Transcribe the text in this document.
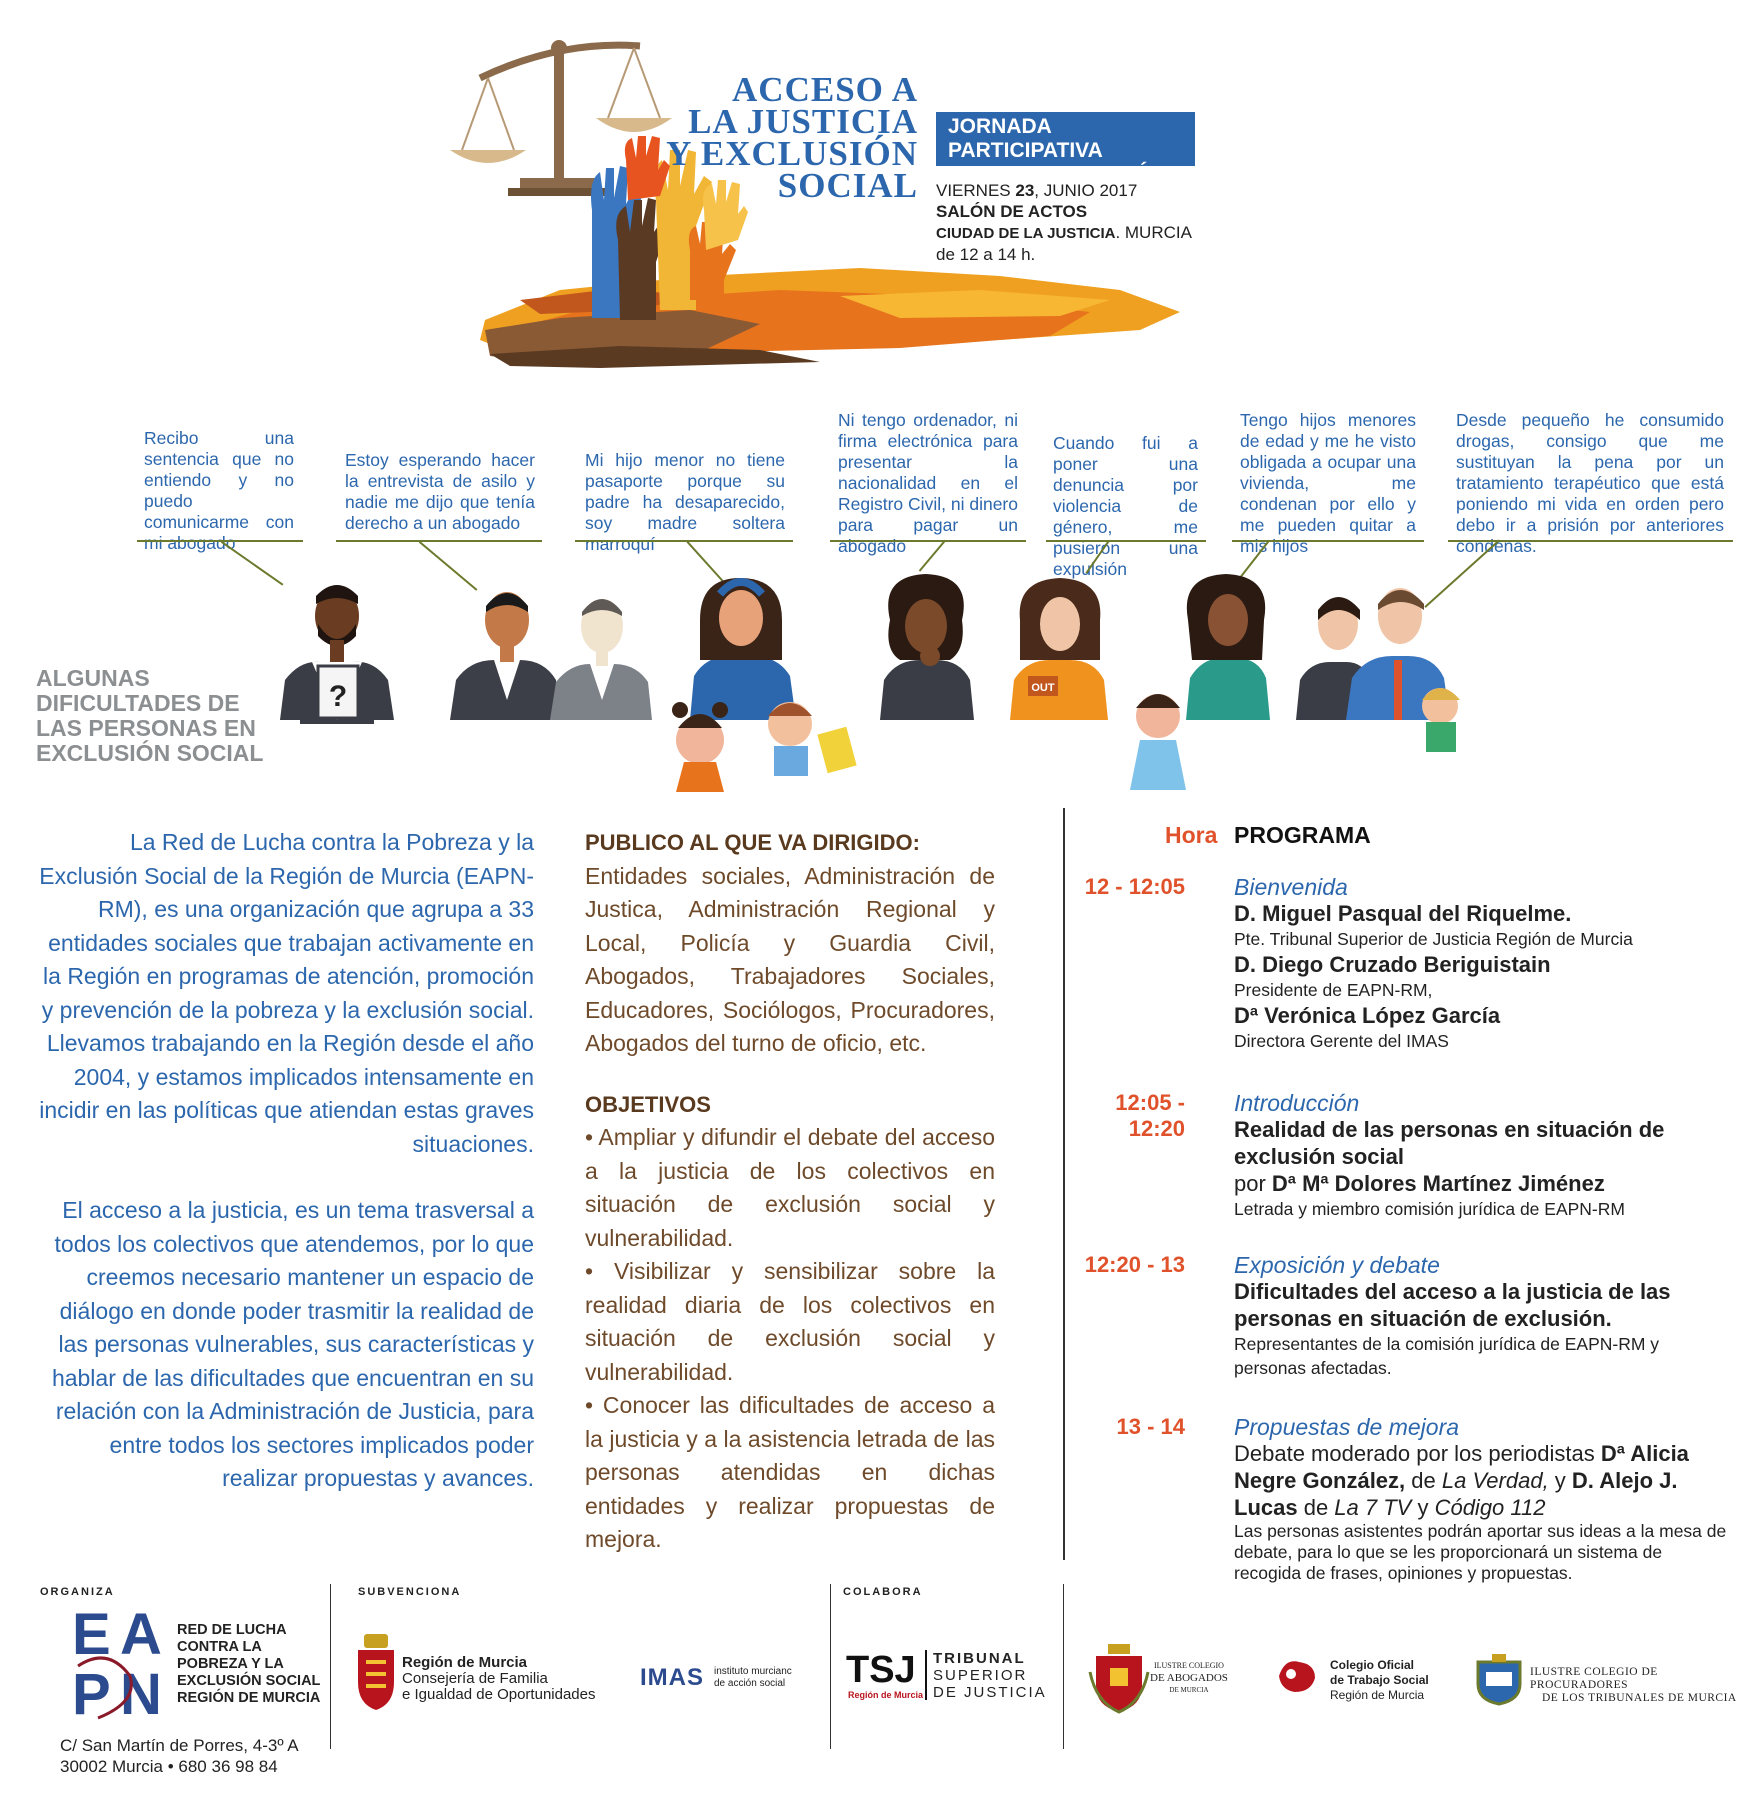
ACCESO A
LA JUSTICIA
Y EXCLUSIÓN
SOCIAL
JORNADA PARTICIPATIVA
DE SENSIBILIZACIÓN
VIERNES 23, JUNIO 2017
SALÓN DE ACTOS
CIUDAD DE LA JUSTICIA. MURCIA
de 12 a 14 h.
Recibo una sentencia que no entiendo y no puedo comunicarme con mi abogado
Estoy esperando hacer la entrevista de asilo y nadie me dijo que tenía derecho a un abogado
Mi hijo menor no tiene pasaporte porque su padre ha desaparecido, soy madre soltera marroquí
Ni tengo ordenador, ni firma electrónica para presentar la nacionalidad en el Registro Civil, ni dinero para pagar un abogado
Cuando fui a poner una denuncia por violencia de género, me pusieron una expulsión
Tengo hijos menores de edad y me he visto obligada a ocupar una vivienda, me condenan por ello y me pueden quitar a mis hijos
Desde pequeño he consumido drogas, consigo que me sustituyan la pena por un tratamiento terapéutico que está poniendo mi vida en orden pero debo ir a prisión por anteriores condenas.
ALGUNAS DIFICULTADES DE LAS PERSONAS EN EXCLUSIÓN SOCIAL
?	OUT

La Red de Lucha contra la Pobreza y la Exclusión Social de la Región de Murcia (EAPN-RM), es una organización que agrupa a 33 entidades sociales que trabajan activamente en la Región en programas de atención, promoción y prevención de la pobreza y la exclusión social. Llevamos trabajando en la Región desde el año 2004, y estamos implicados intensamente en incidir en las políticas que atiendan estas graves situaciones.

El acceso a la justicia, es un tema trasversal a todos los colectivos que atendemos, por lo que creemos necesario mantener un espacio de diálogo en donde poder trasmitir la realidad de las personas vulnerables, sus características y hablar de las dificultades que encuentran en su relación con la Administración de Justicia, para entre todos los sectores implicados poder realizar propuestas y avances.

PUBLICO AL QUE VA DIRIGIDO:

Entidades sociales, Administración de Justica, Administración Regional y Local, Policía y Guardia Civil, Abogados, Trabajadores Sociales, Educadores, Sociólogos, Procuradores, Abogados del turno de oficio, etc.

OBJETIVOS

• Ampliar y difundir el debate del acceso a la justicia de los colectivos en situación de exclusión social y vulnerabilidad.

• Visibilizar y sensibilizar sobre la realidad diaria de los colectivos en situación de exclusión social y vulnerabilidad.

• Conocer las dificultades de acceso a la justicia y a la asistencia letrada de las personas atendidas en dichas entidades y realizar propuestas de mejora.

Hora PROGRAMA
12 - 12:05 Bienvenida
D. Miguel Pasqual del Riquelme.
Pte. Tribunal Superior de Justicia Región de Murcia
D. Diego Cruzado Beriguistain
Presidente de EAPN-RM,
Dª Verónica López García
Directora Gerente del IMAS
12:05 - 12:20
Introducción
Realidad de las personas en situación de exclusión social
por Dª Mª Dolores Martínez Jiménez
Letrada y miembro comisión jurídica de EAPN-RM
12:20 - 13 Exposición y debate
Dificultades del acceso a la justicia de las personas en situación de exclusión.
Representantes de la comisión jurídica de EAPN-RM y personas afectadas.
13 - 14 Propuestas de mejora
Debate moderado por los periodistas Dª Alicia Negre González, de La Verdad, y D. Alejo J. Lucas de La 7 TV y Código 112
Las personas asistentes podrán aportar sus ideas a la mesa de debate, para lo que se les proporcionará un sistema de recogida de frases, opiniones y propuestas.
ORGANIZA	SUBVENCIONA	COLABORA
E A
P N
RED DE LUCHA
CONTRA LA
POBREZA Y LA
EXCLUSIÓN SOCIAL
REGIÓN DE MURCIA
C/ San Martín de Porres, 4-3º A
30002 Murcia • 680 36 98 84
Región de Murcia
Consejería de Familia
e Igualdad de Oportunidades
IMAS instituto murcianc
de acción social TSJ
Región de Murcia
TRIBUNAL
SUPERIOR
DE JUSTICIA
ILUSTRE COLEGIO
DE ABOGADOS
DE MURCIA
Colegio Oficial
de Trabajo Social
Región de Murcia
ILUSTRE COLEGIO DE PROCURADORES
DE LOS TRIBUNALES DE MURCIA
